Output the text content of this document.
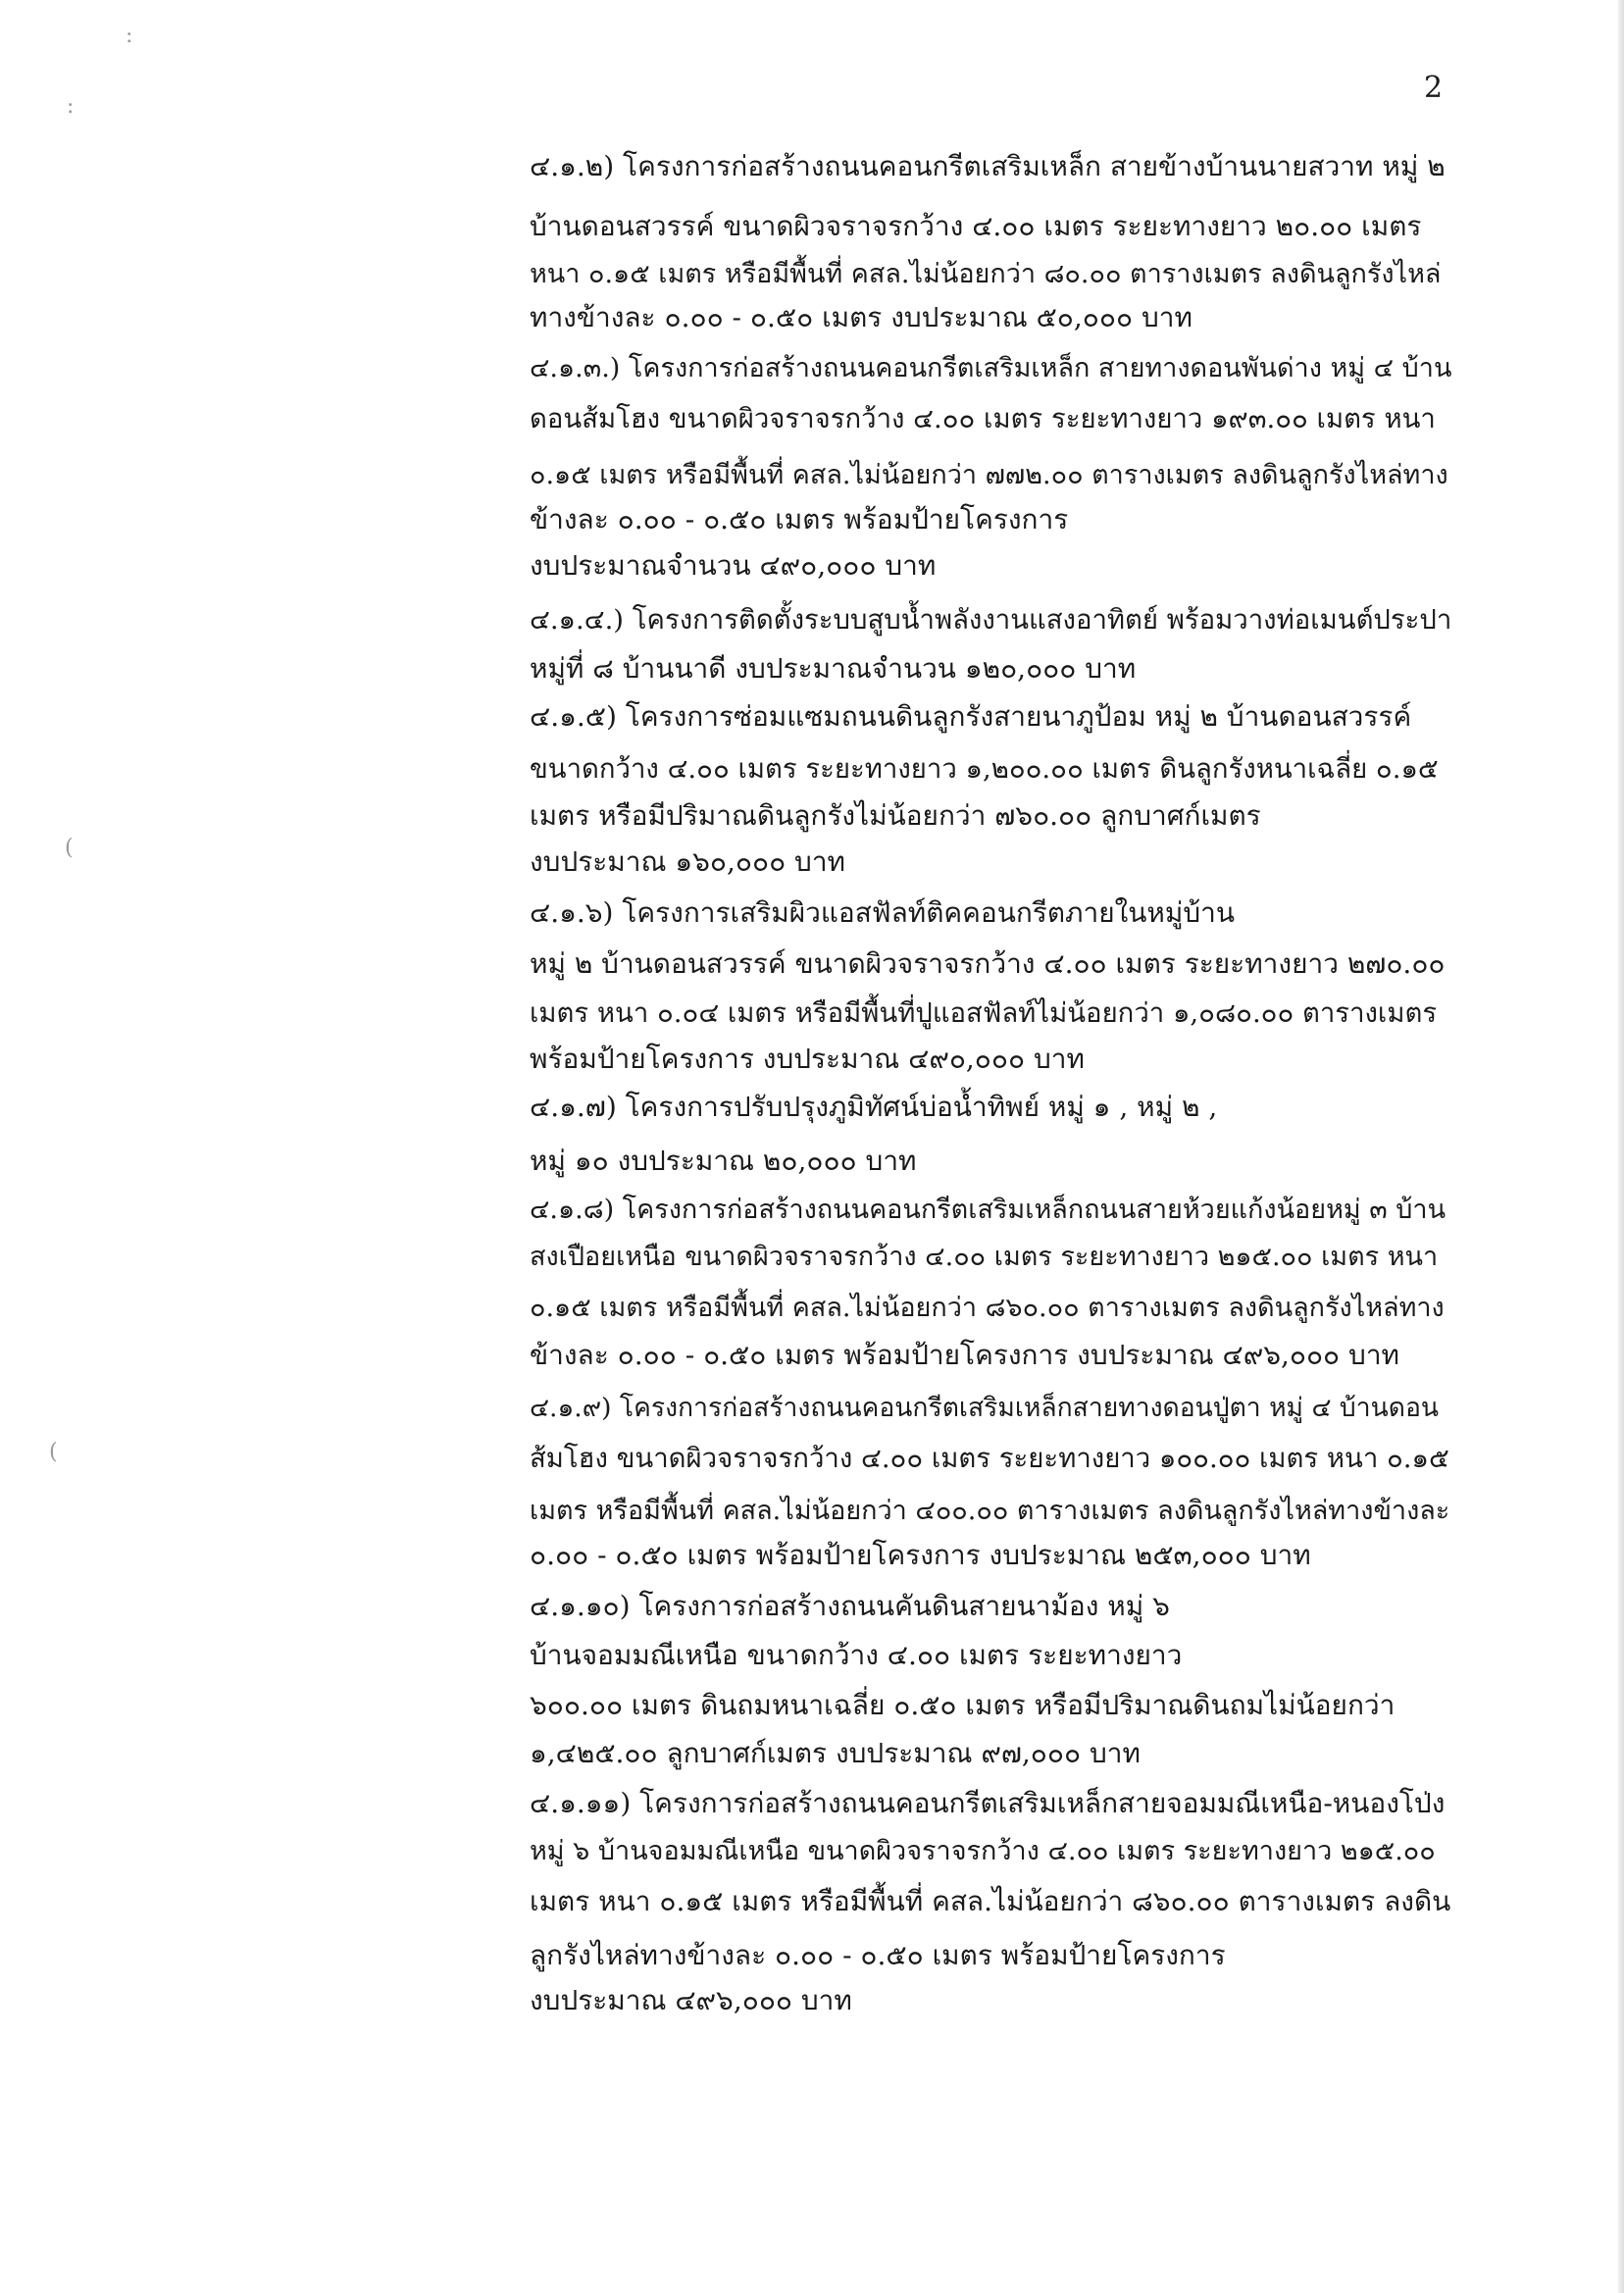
:
:
(
(
2
๔.๑.๒) โครงการก่อสร้างถนนคอนกรีตเสริมเหล็ก สายข้างบ้านนายสวาท หมู่ ๒
บ้านดอนสวรรค์ ขนาดผิวจราจรกว้าง ๔.๐๐ เมตร ระยะทางยาว ๒๐.๐๐ เมตร
หนา ๐.๑๕ เมตร หรือมีพื้นที่ คสล.ไม่น้อยกว่า ๘๐.๐๐ ตารางเมตร ลงดินลูกรังไหล่
ทางข้างละ ๐.๐๐ - ๐.๕๐ เมตร งบประมาณ ๕๐,๐๐๐ บาท
๔.๑.๓.) โครงการก่อสร้างถนนคอนกรีตเสริมเหล็ก สายทางดอนพันด่าง หมู่ ๔ บ้าน
ดอนส้มโฮง ขนาดผิวจราจรกว้าง ๔.๐๐ เมตร ระยะทางยาว ๑๙๓.๐๐ เมตร หนา
๐.๑๕ เมตร หรือมีพื้นที่ คสล.ไม่น้อยกว่า ๗๗๒.๐๐ ตารางเมตร ลงดินลูกรังไหล่ทาง
ข้างละ ๐.๐๐ - ๐.๕๐ เมตร พร้อมป้ายโครงการ
งบประมาณจำนวน ๔๙๐,๐๐๐ บาท
๔.๑.๔.) โครงการติดตั้งระบบสูบน้ำพลังงานแสงอาทิตย์ พร้อมวางท่อเมนต์ประปา
หมู่ที่ ๘ บ้านนาดี งบประมาณจำนวน ๑๒๐,๐๐๐ บาท
๔.๑.๕) โครงการซ่อมแซมถนนดินลูกรังสายนาภูป้อม หมู่ ๒ บ้านดอนสวรรค์
ขนาดกว้าง ๔.๐๐ เมตร ระยะทางยาว ๑,๒๐๐.๐๐ เมตร ดินลูกรังหนาเฉลี่ย ๐.๑๕
เมตร หรือมีปริมาณดินลูกรังไม่น้อยกว่า ๗๖๐.๐๐ ลูกบาศก์เมตร
งบประมาณ ๑๖๐,๐๐๐ บาท
๔.๑.๖) โครงการเสริมผิวแอสฟัลท์ติคคอนกรีตภายในหมู่บ้าน
หมู่ ๒ บ้านดอนสวรรค์ ขนาดผิวจราจรกว้าง ๔.๐๐ เมตร ระยะทางยาว ๒๗๐.๐๐
เมตร หนา ๐.๐๔ เมตร หรือมีพื้นที่ปูแอสฟัลท์ไม่น้อยกว่า ๑,๐๘๐.๐๐ ตารางเมตร
พร้อมป้ายโครงการ งบประมาณ ๔๙๐,๐๐๐ บาท
๔.๑.๗) โครงการปรับปรุงภูมิทัศน์บ่อน้ำทิพย์ หมู่ ๑ , หมู่ ๒ ,
หมู่ ๑๐ งบประมาณ ๒๐,๐๐๐ บาท
๔.๑.๘) โครงการก่อสร้างถนนคอนกรีตเสริมเหล็กถนนสายห้วยแก้งน้อยหมู่ ๓ บ้าน
สงเปือยเหนือ ขนาดผิวจราจรกว้าง ๔.๐๐ เมตร ระยะทางยาว ๒๑๕.๐๐ เมตร หนา
๐.๑๕ เมตร หรือมีพื้นที่ คสล.ไม่น้อยกว่า ๘๖๐.๐๐ ตารางเมตร ลงดินลูกรังไหล่ทาง
ข้างละ ๐.๐๐ - ๐.๕๐ เมตร พร้อมป้ายโครงการ งบประมาณ ๔๙๖,๐๐๐ บาท
๔.๑.๙) โครงการก่อสร้างถนนคอนกรีตเสริมเหล็กสายทางดอนปู่ตา หมู่ ๔ บ้านดอน
ส้มโฮง ขนาดผิวจราจรกว้าง ๔.๐๐ เมตร ระยะทางยาว ๑๐๐.๐๐ เมตร หนา ๐.๑๕
เมตร หรือมีพื้นที่ คสล.ไม่น้อยกว่า ๔๐๐.๐๐ ตารางเมตร ลงดินลูกรังไหล่ทางข้างละ
๐.๐๐ - ๐.๕๐ เมตร พร้อมป้ายโครงการ งบประมาณ ๒๕๓,๐๐๐ บาท
๔.๑.๑๐) โครงการก่อสร้างถนนคันดินสายนาม้อง หมู่ ๖
บ้านจอมมณีเหนือ ขนาดกว้าง ๔.๐๐ เมตร ระยะทางยาว
๖๐๐.๐๐ เมตร ดินถมหนาเฉลี่ย ๐.๕๐ เมตร หรือมีปริมาณดินถมไม่น้อยกว่า
๑,๔๒๕.๐๐ ลูกบาศก์เมตร งบประมาณ ๙๗,๐๐๐ บาท
๔.๑.๑๑) โครงการก่อสร้างถนนคอนกรีตเสริมเหล็กสายจอมมณีเหนือ-หนองโป่ง
หมู่ ๖ บ้านจอมมณีเหนือ ขนาดผิวจราจรกว้าง ๔.๐๐ เมตร ระยะทางยาว ๒๑๕.๐๐
เมตร หนา ๐.๑๕ เมตร หรือมีพื้นที่ คสล.ไม่น้อยกว่า ๘๖๐.๐๐ ตารางเมตร ลงดิน
ลูกรังไหล่ทางข้างละ ๐.๐๐ - ๐.๕๐ เมตร พร้อมป้ายโครงการ
งบประมาณ ๔๙๖,๐๐๐ บาท
